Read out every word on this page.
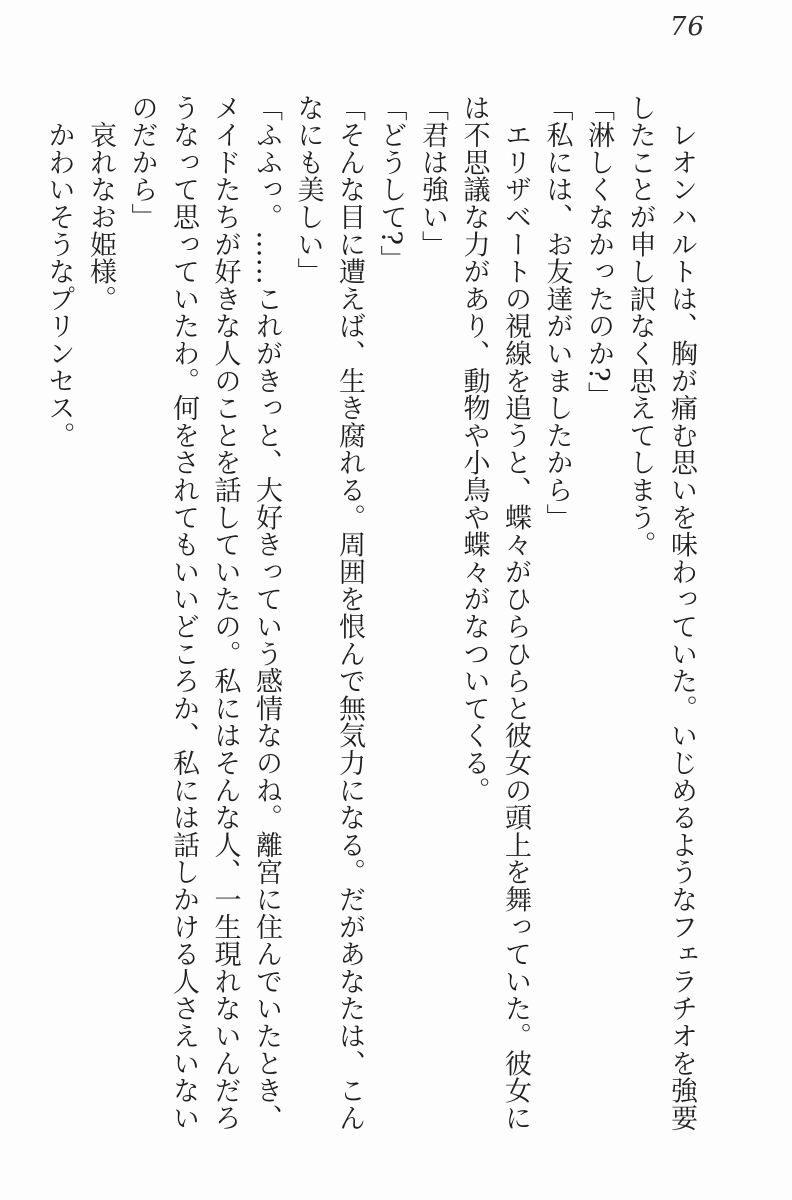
76

　レオンハルトは、胸が痛む思いを味わっていた。いじめるようなフェラチオを強要

したことが申し訳なく思えてしまう。

「淋しくなかったのか?」

「私には、お友達がいましたから」

　エリザベートの視線を追うと、蝶々がひらひらと彼女の頭上を舞っていた。彼女に

は不思議な力があり、動物や小鳥や蝶々がなついてくる。

「君は強い」

「どうして?」

「そんな目に遭えば、生き腐れる。周囲を恨んで無気力になる。だがあなたは、こん

なにも美しい」

「ふふっ。……これがきっと、大好きっていう感情なのね。離宮に住んでいたとき、

メイドたちが好きな人のことを話していたの。私にはそんな人、一生現れないんだろ

うなって思っていたわ。何をされてもいいどころか、私には話しかける人さえいない

のだから」

　哀れなお姫様。

　かわいそうなプリンセス。
